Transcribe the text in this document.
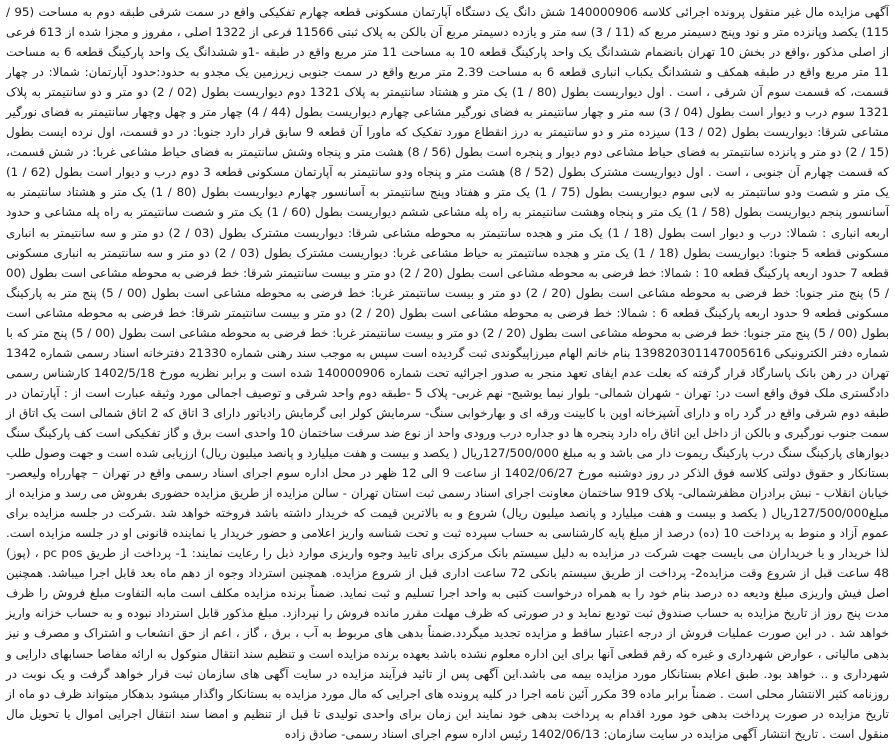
آگهی مزایده مال غیر منقول پرونده اجرائی کلاسه 140000906 شش دانگ یک دستگاه آپارتمان مسکونی قطعه چهارم تفکیکی واقع در سمت شرقی طبقه دوم به مساحت (95 / 115) یکصد وپانزده متر و نود وپنج دسیمتر مربع که (11 / 3) سه متر و یازده دسیمتر مربع آن بالکن به پلاک ثبتی 11566 فرعی از 1322 اصلی ، مفروز و مجزا شده از 613 فرعی از اصلی مذکور ،واقع در بخش 10 تهران بانضمام ششدانگ یک واحد پارکینگ قطعه 10 به مساحت 11 متر مربع واقع در طبقه -1و ششدانگ یک واحد پارکینگ قطعه 6 به مساحت 11 متر مربع واقع در طبقه همکف و ششدانگ یکباب انباری قطعه 6 به مساحت 2.39 متر مربع واقع در سمت جنوبی زیرزمین یک مجدو به حدود:حدود آپارتمان: شمالا: در چهار قسمت، که قسمت سوم آن شرقی ، است . اول دیواریست بطول (80 / 1) یک متر و هشتاد سانتیمتر به پلاک 1321 دوم دیواریست بطول (02 / 2) دو متر و دو سانتیمتر به پلاک 1321 سوم درب و دیوار است بطول (04 / 3) سه متر و چهار سانتیمتر به فضای نورگیر مشاعی چهارم دیواریست بطول (44 / 4) چهار متر و چهل وچهار سانتیمتر به فضای نورگیر مشاعی شرقا: دیواریست بطول (02 / 13) سیزده متر و دو سانتیمتر به درز انقطاع مورد تفکیک که ماورا آن قطعه 9 سابق قرار دارد جنوبا: در دو قسمت، اول نرده ایست بطول (15 / 2) دو متر و پانزده سانتیمتر به فضای حیاط مشاعی دوم دیوار و پنجره است بطول (56 / 8) هشت متر و پنجاه وشش سانتیمتر به فضای حیاط مشاعی غربا: در شش قسمت، که قسمت چهارم آن جنوبی ، است . اول دیواریست مشترک بطول (52 / 8) هشت متر و پنجاه ودو سانتیمتر به آپارتمان مسکونی قطعه 3 دوم درب و دیوار است بطول (62 / 1) یک متر و شصت ودو سانتیمتر به لابی سوم دیواریست بطول (75 / 1) یک متر و هفتاد وپنج سانتیمتر به آسانسور چهارم دیواریست بطول (80 / 1) یک متر و هشتاد سانتیمتر به آسانسور پنجم دیواریست بطول (58 / 1) یک متر و پنجاه وهشت سانتیمتر به راه پله مشاعی ششم دیواریست بطول (60 / 1) یک متر و شصت سانتیمتر به راه پله مشاعی و حدود اربعه انباری : شمالا: درب و دیوار است بطول (18 / 1) یک متر و هجده سانتیمتر به محوطه مشاعی شرقا: دیواریست مشترک بطول (03 / 2) دو متر و سه سانتیمتر به انباری مسکونی قطعه 5 جنوبا: دیواریست بطول (18 / 1) یک متر و هجده سانتیمتر به حیاط مشاعی غربا: دیواریست مشترک بطول (03 / 2) دو متر و سه سانتیمتر به انباری مسکونی قطعه 7 حدود اربعه پارکینگ قطعه 10 : شمالا: خط فرضی به محوطه مشاعی است بطول (20 / 2) دو متر و بیست سانتیمتر شرقا: خط فرضی به محوطه مشاعی است بطول (00 / 5) پنج متر جنوبا: خط فرضی به محوطه مشاعی است بطول (20 / 2) دو متر و بیست سانتیمتر غربا: خط فرضی به محوطه مشاعی است بطول (00 / 5) پنج متر به پارکینگ مسکونی قطعه 9 حدود اربعه پارکینگ قطعه 6 : شمالا: خط فرضی به محوطه مشاعی است بطول (20 / 2) دو متر و بیست سانتیمتر شرقا: خط فرضی به محوطه مشاعی است بطول (00 / 5) پنج متر جنوبا: خط فرضی به محوطه مشاعی است بطول (20 / 2) دو متر و بیست سانتیمتر غربا: خط فرضی به محوطه مشاعی است بطول (00 / 5) پنج متر که با شماره دفتر الکترونیکی 139820301147005616 بنام خانم الهام میرزاپیگوندی ثبت گردیده است سپس به موجب سند رهنی شماره 21330 دفترخانه اسناد رسمی شماره 1342 تهران در رهن بانک پاسارگاد قرار گرفته که بعلت عدم ایفای تعهد منجر به صدور اجرائیه تحت شماره 140000906 شده است و برابر نظریه مورخ 1402/5/18 کارشناس رسمی دادگستری ملک فوق واقع است در: تهران - شهران شمالی- بلوار نیما یوشیج- نهم غربی- پلاک 5 -طبقه دوم واحد شرقی و توصیف اجمالی مورد وثیقه عبارت است از : آپارتمان در طبقه دوم شرقی واقع در گرد راه و دارای آشپزخانه اوپن با کابینت ورقه ای و بهارخوابی سنگ- سرمایش کولر ابی گرمایش رادیاتور دارای 3 اتاق که 2 اتاق شمالی است یک اتاق از سمت جنوب نورگیری و بالکن از داخل این اتاق راه دارد پنجره ها دو جداره درب ورودی واحد از نوع ضد سرقت ساختمان 10 واحدی است برق و گاز تفکیکی است کف پارکینگ سنگ دیوارهای پارکینگ سنگ درب پارکینگ ریموت دار می باشد و به مبلغ 127/500/000ریال ( یکصد و بیست و هفت میلیارد و پانصد میلیون ریال) ارزیابی شده است و جهت وصول طلب بستانکار و حقوق دولتی کلاسه فوق الذکر در روز دوشنبه مورخ 1402/06/27 از ساعت 9 الی 12 ظهر در محل اداره سوم اجرای اسناد رسمی واقع در تهران – چهارراه ولیعصر- خیابان انقلاب - نبش برادران مظفرشمالی- پلاک 919 ساختمان معاونت اجرای اسناد رسمی ثبت استان تهران - سالن مزایده از طریق مزایده حضوری بفروش می رسد و مزایده از مبلغ127/500/000ریال ( یکصد و بیست و هفت میلیارد و پانصد میلیون ریال) شروع و به بالاترین قیمت که خریدار داشته باشد فروخته خواهد شد .شرکت در جلسه مزایده برای عموم آزاد و منوط به پرداخت 10 (ده) درصد از مبلغ پایه کارشناسی به حساب سپرده ثبت و تحت شناسه واریز اعلامی و حضور خریدار یا نماینده قانونی او در جلسه مزایده است. لذا خریدار و یا خریداران می بایست جهت شرکت در مزایده به دلیل سیستم بانک مرکزی برای تایید وجوه واریزی موارد ذیل را رعایت نمایند: 1- پرداخت از طریق pc pos ، (پوز) 48 ساعت قبل از شروع وقت مزایده2- پرداخت از طریق سیستم بانکی 72 ساعت اداری قبل از شروع مزایده. همچنین استرداد وجوه از دهم ماه بعد قابل اجرا میباشد. همچنین اصل فیش واریزی مبلغ ودیعه ده درصد بنام خود را به همراه درخواست کتبی به واحد اجرا تسلیم و ثبت نماید. ضمناً برنده مزایده مکلف است مابه التفاوت مبلغ فروش را ظرف مدت پنج روز از تاریخ مزایده به حساب صندوق ثبت تودیع نماید و در صورتی که ظرف مهلت مقرر مانده فروش را نپردازد. مبلغ مذکور قابل استرداد نبوده و به حساب خزانه واریز خواهد شد . در این صورت عملیات فروش از درجه اعتبار ساقط و مزایده تجدید میگردد.ضمناً بدهی های مربوط به آب ، برق ، گاز ، اعم از حق انشعاب و اشتراک و مصرف و نیز بدهی مالیاتی ، عوارض شهرداری و غیره که رقم قطعی آنها برای این اداره معلوم نشده باشد بعهده برنده مزایده است و تنظیم سند انتقال منوکول به ارائه مفاصا حسابهای دارایی و شهرداری و .. خواهد بود. طبق اعلام بستانکار مورد مزایده بیمه می باشد.این آگهی پس از تائید فرآیند مزایده در سایت آگهی های سازمان ثبت قرار خواهد گرفت و یک نوبت در روزنامه کثیر الانتشار محلی است . ضمناً برابر ماده 39 مکرر آئین نامه اجرا در کلیه پرونده های اجرایی که مال مورد مزایده به بستانکار واگذار میشود بدهکار میتواند ظرف دو ماه از تاریخ مزایده در صورت پرداخت بدهی خود مورد اقدام به پرداخت بدهی خود نمایند این زمان برای واحدی تولیدی تا قبل از تنظیم و امضا سند انتقال اجرایی اموال یا تحویل مال منقول است . تاریخ انتشار آگهی مزایده در سایت سازمان: 1402/06/13 رئیس اداره سوم اجرای اسناد رسمی- صادق زاده
